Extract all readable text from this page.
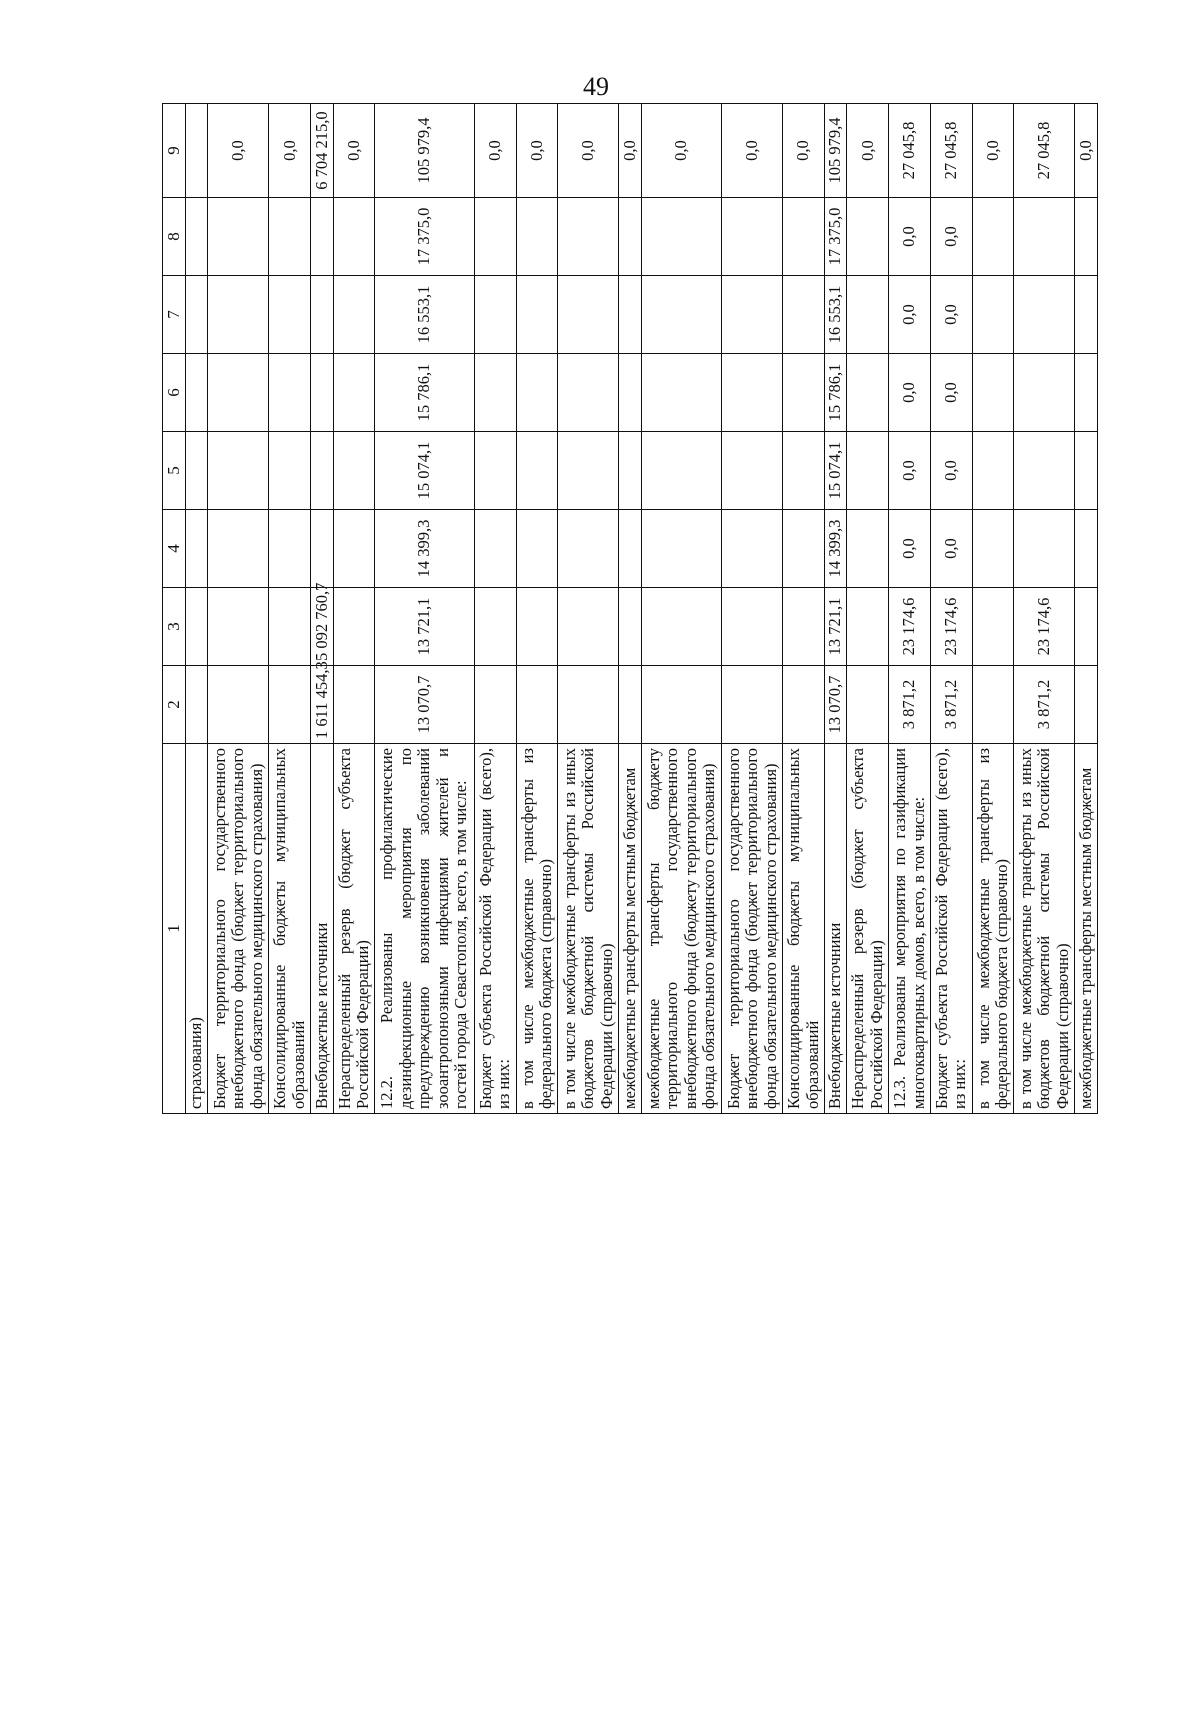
49
1	2	3	4	5	6	7	8	9
страхования)								
Бюджет территориального государственного внебюджетного фонда (бюджет территориального фонда обязательного медицинского страхования)								0,0
Консолидированные бюджеты муниципальных образований								0,0
Внебюджетные источники	1 611 454,3	5 092 760,7						6 704 215,0
Нераспределенный резерв (бюджет субъекта Российской Федерации)								0,0
12.2. Реализованы профилактические дезинфекционные мероприятия по предупреждению возникновения заболеваний зооантропонозными инфекциями жителей и гостей города Севастополя, всего, в том числе:	13 070,7	13 721,1	14 399,3	15 074,1	15 786,1	16 553,1	17 375,0	105 979,4
Бюджет субъекта Российской Федерации (всего), из них:								0,0
в том числе межбюджетные трансферты из федерального бюджета (справочно)								0,0
в том числе межбюджетные трансферты из иных бюджетов бюджетной системы Российской Федерации (справочно)								0,0
межбюджетные трансферты местным бюджетам								0,0
межбюджетные трансферты бюджету территориального государственного внебюджетного фонда (бюджету территориального фонда обязательного медицинского страхования)								0,0
Бюджет территориального государственного внебюджетного фонда (бюджет территориального фонда обязательного медицинского страхования)								0,0
Консолидированные бюджеты муниципальных образований								0,0
Внебюджетные источники	13 070,7	13 721,1	14 399,3	15 074,1	15 786,1	16 553,1	17 375,0	105 979,4
Нераспределенный резерв (бюджет субъекта Российской Федерации)								0,0
12.3. Реализованы мероприятия по газификации многоквартирных домов, всего, в том числе:	3 871,2	23 174,6	0,0	0,0	0,0	0,0	0,0	27 045,8
Бюджет субъекта Российской Федерации (всего), из них:	3 871,2	23 174,6	0,0	0,0	0,0	0,0	0,0	27 045,8
в том числе межбюджетные трансферты из федерального бюджета (справочно)								0,0
в том числе межбюджетные трансферты из иных бюджетов бюджетной системы Российской Федерации (справочно)	3 871,2	23 174,6						27 045,8
межбюджетные трансферты местным бюджетам								0,0
